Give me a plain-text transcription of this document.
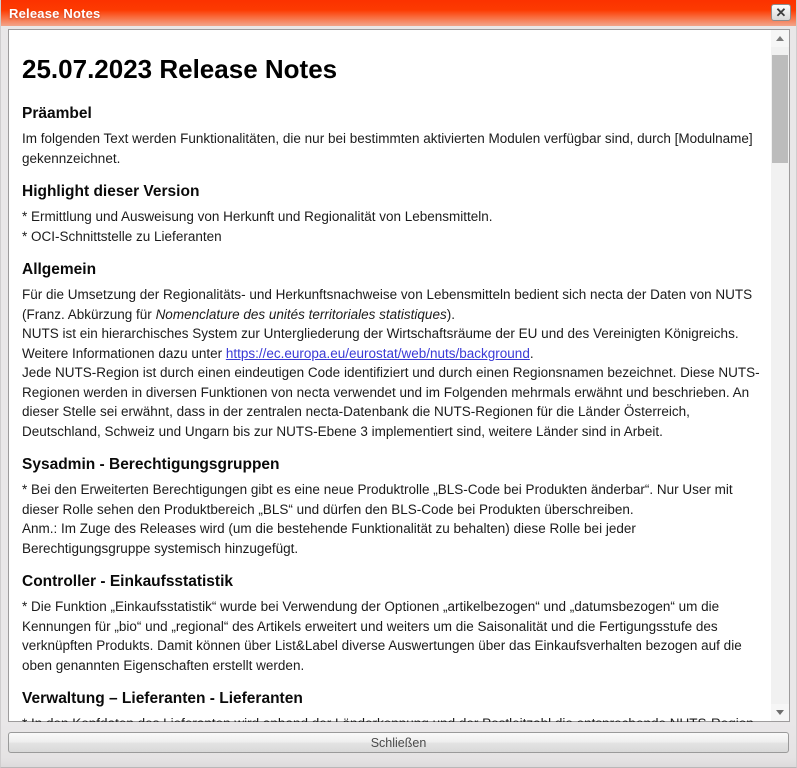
Release Notes	✕
25.07.2023 Release Notes
Präambel
Im folgenden Text werden Funktionalitäten, die nur bei bestimmten aktivierten Modulen verfügbar sind, durch [Modulname] gekennzeichnet.
Highlight dieser Version
* Ermittlung und Ausweisung von Herkunft und Regionalität von Lebensmitteln.
* OCI-Schnittstelle zu Lieferanten
Allgemein
Für die Umsetzung der Regionalitäts- und Herkunftsnachweise von Lebensmitteln bedient sich necta der Daten von NUTS (Franz. Abkürzung für Nomenclature des unités territoriales statistiques).
NUTS ist ein hierarchisches System zur Untergliederung der Wirtschaftsräume der EU und des Vereinigten Königreichs.
Weitere Informationen dazu unter https://ec.europa.eu/eurostat/web/nuts/background.
Jede NUTS-Region ist durch einen eindeutigen Code identifiziert und durch einen Regionsnamen bezeichnet. Diese NUTS-Regionen werden in diversen Funktionen von necta verwendet und im Folgenden mehrmals erwähnt und beschrieben. An dieser Stelle sei erwähnt, dass in der zentralen necta-Datenbank die NUTS-Regionen für die Länder Österreich, Deutschland, Schweiz und Ungarn bis zur NUTS-Ebene 3 implementiert sind, weitere Länder sind in Arbeit.
Sysadmin - Berechtigungsgruppen
* Bei den Erweiterten Berechtigungen gibt es eine neue Produktrolle „BLS-Code bei Produkten änderbar“. Nur User mit dieser Rolle sehen den Produktbereich „BLS“ und dürfen den BLS-Code bei Produkten überschreiben.
Anm.: Im Zuge des Releases wird (um die bestehende Funktionalität zu behalten) diese Rolle bei jeder Berechtigungsgruppe systemisch hinzugefügt.
Controller - Einkaufsstatistik
* Die Funktion „Einkaufsstatistik“ wurde bei Verwendung der Optionen „artikelbezogen“ und „datumsbezogen“ um die Kennungen für „bio“ und „regional“ des Artikels erweitert und weiters um die Saisonalität und die Fertigungsstufe des verknüpften Produkts. Damit können über List&Label diverse Auswertungen über das Einkaufsverhalten bezogen auf die oben genannten Eigenschaften erstellt werden.
Verwaltung – Lieferanten - Lieferanten
Schließen
